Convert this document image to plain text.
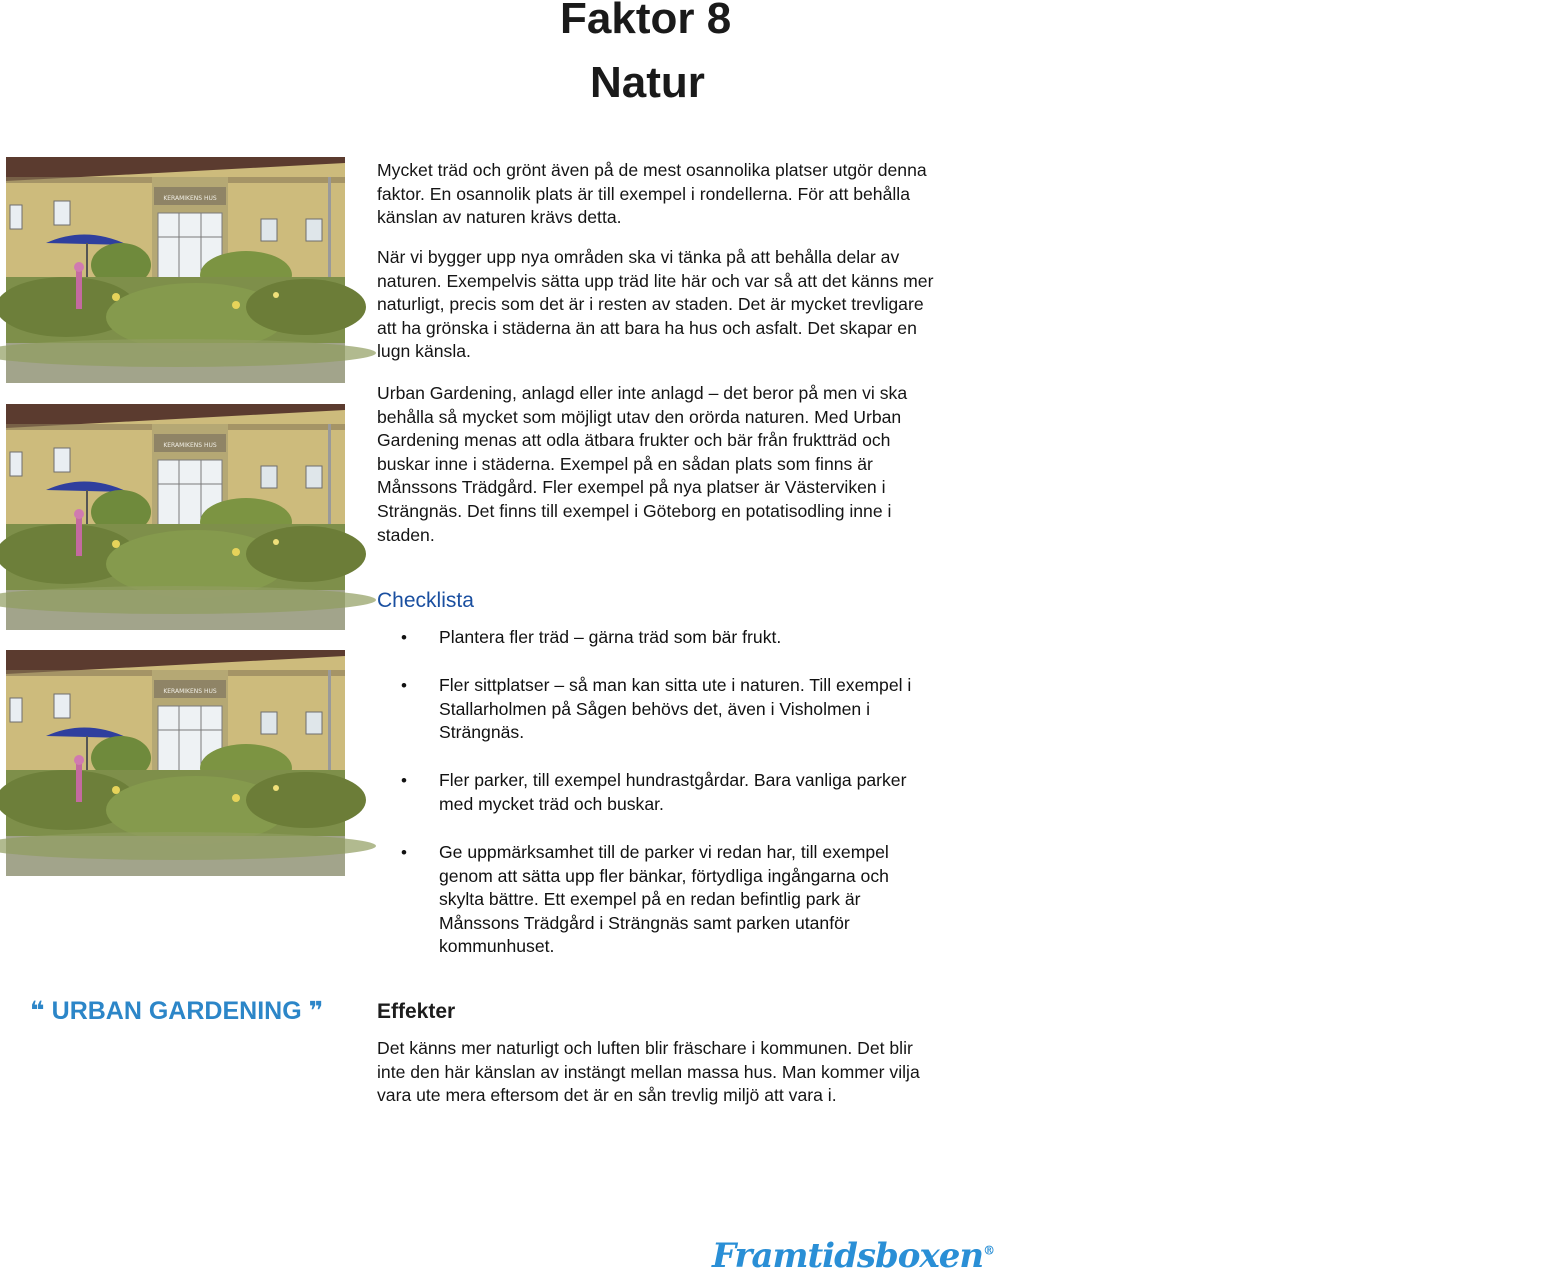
Faktor 8
Natur
KERAMIKENS HUS
KERAMIKENS HUS
KERAMIKENS HUS

Mycket träd och grönt även på de mest osannolika platser utgör denna faktor. En osannolik plats är till exempel i rondellerna. För att behålla känslan av naturen krävs detta.

När vi bygger upp nya områden ska vi tänka på att behålla delar av naturen. Exempelvis sätta upp träd lite här och var så att det känns mer naturligt, precis som det är i resten av staden. Det är mycket trevligare att ha grönska i städerna än att bara ha hus och asfalt. Det skapar en lugn känsla.

Urban Gardening, anlagd eller inte anlagd – det beror på men vi ska behålla så mycket som möjligt utav den orörda naturen. Med Urban Gardening menas att odla ätbara frukter och bär från fruktträd och buskar inne i städerna. Exempel på en sådan plats som finns är Månssons Trädgård. Fler exempel på nya platser är Västerviken i Strängnäs. Det finns till exempel i Göteborg en potatisodling inne i staden.

Checklista
• Plantera fler träd – gärna träd som bär frukt.
• Fler sittplatser – så man kan sitta ute i naturen. Till exempel i Stallarholmen på Sågen behövs det, även i Visholmen i Strängnäs.
• Fler parker, till exempel hundrastgårdar. Bara vanliga parker med mycket träd och buskar.
• Ge uppmärksamhet till de parker vi redan har, till exempel genom att sätta upp fler bänkar, förtydliga ingångarna och skylta bättre. Ett exempel på en redan befintlig park är Månssons Trädgård i Strängnäs samt parken utanför kommunhuset.
❝ URBAN GARDENING ❞	Effekter

Det känns mer naturligt och luften blir fräschare i kommunen. Det blir inte den här känslan av instängt mellan massa hus. Man kommer vilja vara ute mera eftersom det är en sån trevlig miljö att vara i.

Framtidsboxen®
